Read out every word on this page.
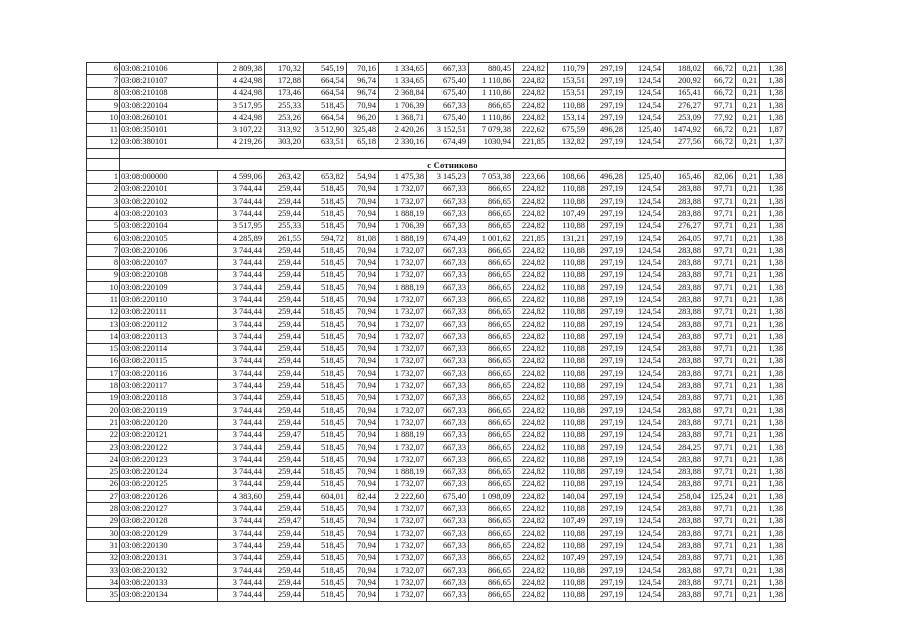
6	03:08:210106	2 809,38	170,32	545,19	70,16	1 334,65	667,33	880,45	224,82	110,79	297,19	124,54	188,02	66,72	0,21	1,38
7	03:08:210107	4 424,98	172,88	664,54	96,74	1 334,65	675,40	1 110,86	224,82	153,51	297,19	124,54	200,92	66,72	0,21	1,38
8	03:08:210108	4 424,98	173,46	664,54	96,74	2 368,84	675,40	1 110,86	224,82	153,51	297,19	124,54	165,41	66,72	0,21	1,38
9	03:08:220104	3 517,95	255,33	518,45	70,94	1 706,39	667,33	866,65	224,82	110,88	297,19	124,54	276,27	97,71	0,21	1,38
10	03:08:260101	4 424,98	253,26	664,54	96,20	1 368,71	675,40	1 110,86	224,82	153,14	297,19	124,54	253,09	77,92	0,21	1,38
11	03:08:350101	3 107,22	313,92	3 512,90	325,48	2 420,26	3 152,51	7 079,38	222,62	675,59	496,28	125,40	1474,92	66,72	0,21	1,87
12	03:08:380101	4 219,26	303,20	633,51	65,18	2 330,16	674,49	1030,94	221,85	132,82	297,19	124,54	277,56	66,72	0,21	1,37

	с Сотниково															
1	03:08:000000	4 599,06	263,42	653,82	54,94	1 475,38	3 145,23	7 053,38	223,66	108,66	496,28	125,40	165,46	82,06	0,21	1,38
2	03:08:220101	3 744,44	259,44	518,45	70,94	1 732,07	667,33	866,65	224,82	110,88	297,19	124,54	283,88	97,71	0,21	1,38
3	03:08:220102	3 744,44	259,44	518,45	70,94	1 732,07	667,33	866,65	224,82	110,88	297,19	124,54	283,88	97,71	0,21	1,38
4	03:08:220103	3 744,44	259,44	518,45	70,94	1 888,19	667,33	866,65	224,82	107,49	297,19	124,54	283,88	97,71	0,21	1,38
5	03:08:220104	3 517,95	255,33	518,45	70,94	1 706,39	667,33	866,65	224,82	110,88	297,19	124,54	276,27	97,71	0,21	1,38
6	03:08:220105	4 285,89	261,55	594,72	81,08	1 888,19	674,49	1 001,62	221,85	131,21	297,19	124,54	264,05	97,71	0,21	1,38
7	03:08:220106	3 744,44	259,44	518,45	70,94	1 732,07	667,33	866,65	224,82	110,88	297,19	124,54	283,88	97,71	0,21	1,38
8	03:08:220107	3 744,44	259,44	518,45	70,94	1 732,07	667,33	866,65	224,82	110,88	297,19	124,54	283,88	97,71	0,21	1,38
9	03:08:220108	3 744,44	259,44	518,45	70,94	1 732,07	667,33	866,65	224,82	110,88	297,19	124,54	283,88	97,71	0,21	1,38
10	03:08:220109	3 744,44	259,44	518,45	70,94	1 888,19	667,33	866,65	224,82	110,88	297,19	124,54	283,88	97,71	0,21	1,38
11	03:08:220110	3 744,44	259,44	518,45	70,94	1 732,07	667,33	866,65	224,82	110,88	297,19	124,54	283,88	97,71	0,21	1,38
12	03:08:220111	3 744,44	259,44	518,45	70,94	1 732,07	667,33	866,65	224,82	110,88	297,19	124,54	283,88	97,71	0,21	1,38
13	03:08:220112	3 744,44	259,44	518,45	70,94	1 732,07	667,33	866,65	224,82	110,88	297,19	124,54	283,88	97,71	0,21	1,38
14	03:08:220113	3 744,44	259,44	518,45	70,94	1 732,07	667,33	866,65	224,82	110,88	297,19	124,54	283,88	97,71	0,21	1,38
15	03:08:220114	3 744,44	259,44	518,45	70,94	1 732,07	667,33	866,65	224,82	110,88	297,19	124,54	283,88	97,71	0,21	1,38
16	03:08:220115	3 744,44	259,44	518,45	70,94	1 732,07	667,33	866,65	224,82	110,88	297,19	124,54	283,88	97,71	0,21	1,38
17	03:08:220116	3 744,44	259,44	518,45	70,94	1 732,07	667,33	866,65	224,82	110,88	297,19	124,54	283,88	97,71	0,21	1,38
18	03:08:220117	3 744,44	259,44	518,45	70,94	1 732,07	667,33	866,65	224,82	110,88	297,19	124,54	283,88	97,71	0,21	1,38
19	03:08:220118	3 744,44	259,44	518,45	70,94	1 732,07	667,33	866,65	224,82	110,88	297,19	124,54	283,88	97,71	0,21	1,38
20	03:08:220119	3 744,44	259,44	518,45	70,94	1 732,07	667,33	866,65	224,82	110,88	297,19	124,54	283,88	97,71	0,21	1,38
21	03:08:220120	3 744,44	259,44	518,45	70,94	1 732,07	667,33	866,65	224,82	110,88	297,19	124,54	283,88	97,71	0,21	1,38
22	03:08:220121	3 744,44	259,47	518,45	70,94	1 888,19	667,33	866,65	224,82	110,88	297,19	124,54	283,88	97,71	0,21	1,38
23	03:08:220122	3 744,44	259,44	518,45	70,94	1 732,07	667,33	866,65	224,82	110,88	297,19	124,54	284,25	97,71	0,21	1,38
24	03:08:220123	3 744,44	259,44	518,45	70,94	1 732,07	667,33	866,65	224,82	110,88	297,19	124,54	283,88	97,71	0,21	1,38
25	03:08:220124	3 744,44	259,44	518,45	70,94	1 888,19	667,33	866,65	224,82	110,88	297,19	124,54	283,88	97,71	0,21	1,38
26	03:08:220125	3 744,44	259,44	518,45	70,94	1 732,07	667,33	866,65	224,82	110,88	297,19	124,54	283,88	97,71	0,21	1,38
27	03:08:220126	4 383,60	259,44	604,01	82,44	2 222,60	675,40	1 098,09	224,82	140,04	297,19	124,54	258,04	125,24	0,21	1,38
28	03:08:220127	3 744,44	259,44	518,45	70,94	1 732,07	667,33	866,65	224,82	110,88	297,19	124,54	283,88	97,71	0,21	1,38
29	03:08:220128	3 744,44	259,47	518,45	70,94	1 732,07	667,33	866,65	224,82	107,49	297,19	124,54	283,88	97,71	0,21	1,38
30	03:08:220129	3 744,44	259,44	518,45	70,94	1 732,07	667,33	866,65	224,82	110,88	297,19	124,54	283,88	97,71	0,21	1,38
31	03:08:220130	3 744,44	259,44	518,45	70,94	1 732,07	667,33	866,65	224,82	110,88	297,19	124,54	283,88	97,71	0,21	1,38
32	03:08:220131	3 744,44	259,44	518,45	70,94	1 732,07	667,33	866,65	224,82	107,49	297,19	124,54	283,88	97,71	0,21	1,38
33	03:08:220132	3 744,44	259,44	518,45	70,94	1 732,07	667,33	866,65	224,82	110,88	297,19	124,54	283,88	97,71	0,21	1,38
34	03:08:220133	3 744,44	259,44	518,45	70,94	1 732,07	667,33	866,65	224,82	110,88	297,19	124,54	283,88	97,71	0,21	1,38
35	03:08:220134	3 744,44	259,44	518,45	70,94	1 732,07	667,33	866,65	224,82	110,88	297,19	124,54	283,88	97,71	0,21	1,38
